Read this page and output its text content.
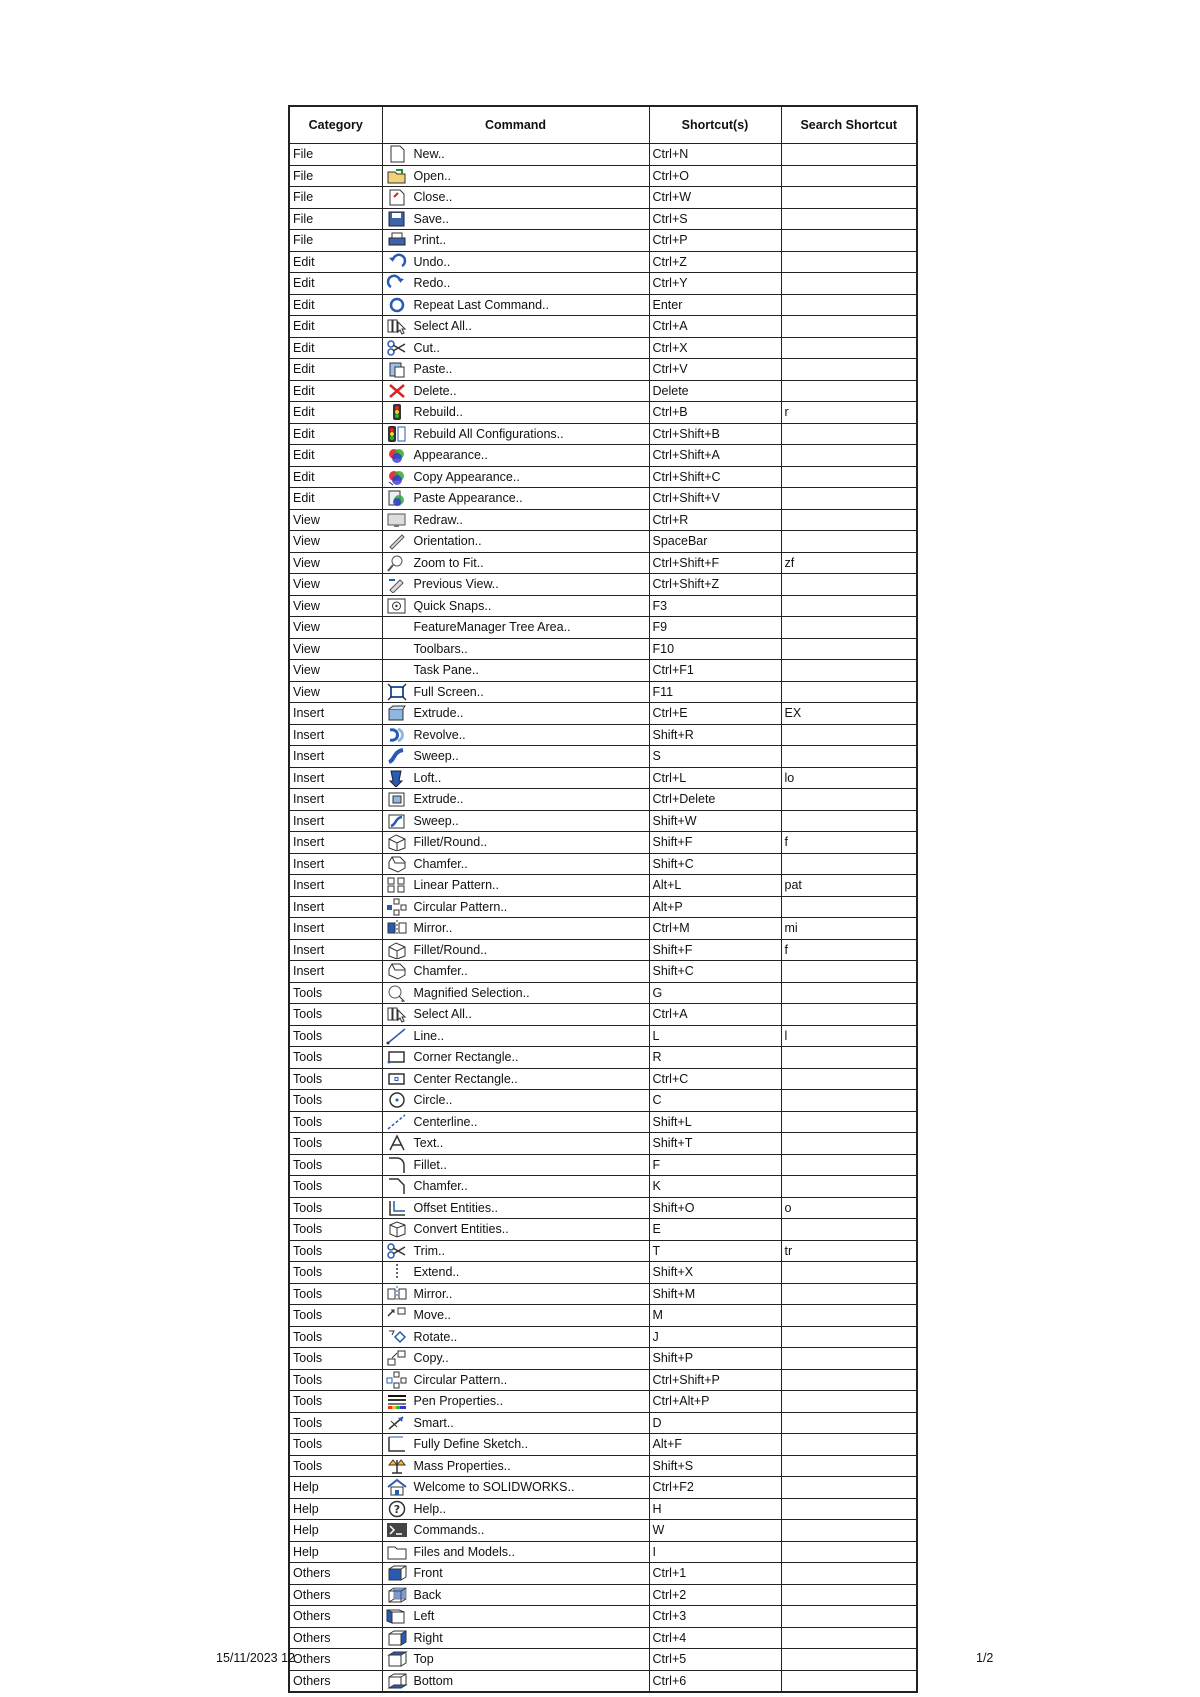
Category	Command	Shortcut(s)	Search Shortcut
File	New..	Ctrl+N	
File	Open..	Ctrl+O	
File	Close..	Ctrl+W	
File	Save..	Ctrl+S	
File	Print..	Ctrl+P	
Edit	Undo..	Ctrl+Z	
Edit	Redo..	Ctrl+Y	
Edit	Repeat Last Command..	Enter	
Edit	Select All..	Ctrl+A	
Edit	Cut..	Ctrl+X	
Edit	Paste..	Ctrl+V	
Edit	Delete..	Delete	
Edit	Rebuild..	Ctrl+B	r
Edit	Rebuild All Configurations..	Ctrl+Shift+B	
Edit	Appearance..	Ctrl+Shift+A	
Edit	Copy Appearance..	Ctrl+Shift+C	
Edit	Paste Appearance..	Ctrl+Shift+V	
View	Redraw..	Ctrl+R	
View	Orientation..	SpaceBar	
View	Zoom to Fit..	Ctrl+Shift+F	zf
View	Previous View..	Ctrl+Shift+Z	
View	Quick Snaps..	F3	
View	FeatureManager Tree Area..	F9	
View	Toolbars..	F10	
View	Task Pane..	Ctrl+F1	
View	Full Screen..	F11	
Insert	Extrude..	Ctrl+E	EX
Insert	Revolve..	Shift+R	
Insert	Sweep..	S	
Insert	Loft..	Ctrl+L	lo
Insert	Extrude..	Ctrl+Delete	
Insert	Sweep..	Shift+W	
Insert	Fillet/Round..	Shift+F	f
Insert	Chamfer..	Shift+C	
Insert	Linear Pattern..	Alt+L	pat
Insert	Circular Pattern..	Alt+P	
Insert	Mirror..	Ctrl+M	mi
Insert	Fillet/Round..	Shift+F	f
Insert	Chamfer..	Shift+C	
Tools	Magnified Selection..	G	
Tools	Select All..	Ctrl+A	
Tools	Line..	L	l
Tools	Corner Rectangle..	R	
Tools	Center Rectangle..	Ctrl+C	
Tools	Circle..	C	
Tools	Centerline..	Shift+L	
Tools	Text..	Shift+T	
Tools	Fillet..	F	
Tools	Chamfer..	K	
Tools	Offset Entities..	Shift+O	o
Tools	Convert Entities..	E	
Tools	Trim..	T	tr
Tools	Extend..	Shift+X	
Tools	Mirror..	Shift+M	
Tools	Move..	M	
Tools	Rotate..	J	
Tools	Copy..	Shift+P	
Tools	Circular Pattern..	Ctrl+Shift+P	
Tools	Pen Properties..	Ctrl+Alt+P	
Tools	Smart..	D	
Tools	Fully Define Sketch..	Alt+F	
Tools	Mass Properties..	Shift+S	
Help	Welcome to SOLIDWORKS..	Ctrl+F2	
Help	? Help..	H	
Help	Commands..	W	
Help	Files and Models..	I	
Others	Front	Ctrl+1	
Others	Back	Ctrl+2	
Others	Left	Ctrl+3	
Others	Right	Ctrl+4	
Others	Top	Ctrl+5	
Others	Bottom	Ctrl+6	
15/11/2023 12	1/2
